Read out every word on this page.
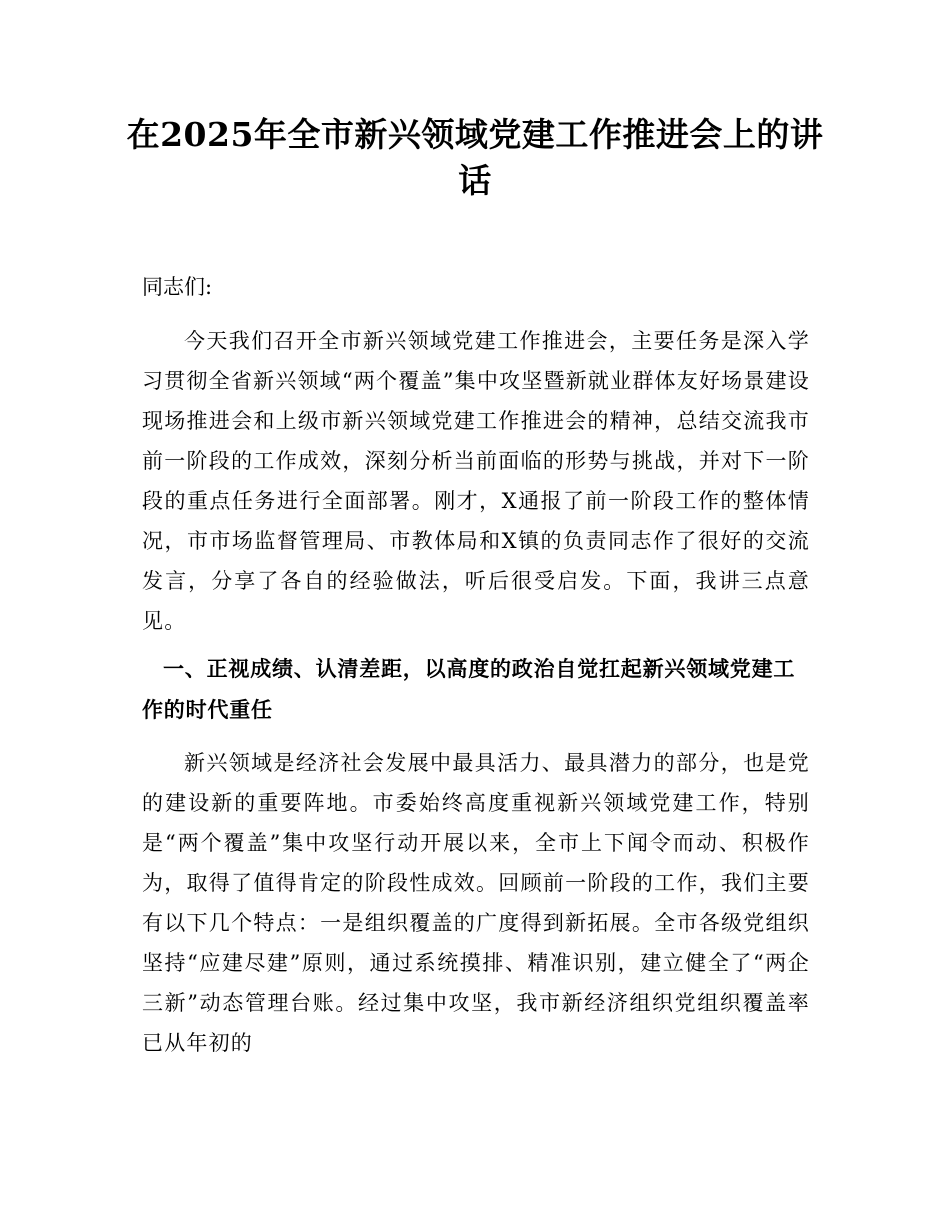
在2025年全市新兴领域党建工作推进会上的讲话

同志们:

今天我们召开全市新兴领域党建工作推进会，主要任务是深入学习贯彻全省新兴领域“两个覆盖”集中攻坚暨新就业群体友好场景建设现场推进会和上级市新兴领域党建工作推进会的精神，总结交流我市前一阶段的工作成效，深刻分析当前面临的形势与挑战，并对下一阶段的重点任务进行全面部署。刚才，X通报了前一阶段工作的整体情况，市市场监督管理局、市教体局和X镇的负责同志作了很好的交流发言，分享了各自的经验做法，听后很受启发。下面，我讲三点意见。

一、正视成绩、认清差距，以高度的政治自觉扛起新兴领域党建工作的时代重任

新兴领域是经济社会发展中最具活力、最具潜力的部分，也是党的建设新的重要阵地。市委始终高度重视新兴领域党建工作，特别是“两个覆盖”集中攻坚行动开展以来，全市上下闻令而动、积极作为，取得了值得肯定的阶段性成效。回顾前一阶段的工作，我们主要有以下几个特点：一是组织覆盖的广度得到新拓展。全市各级党组织坚持“应建尽建”原则，通过系统摸排、精准识别，建立健全了“两企三新”动态管理台账。经过集中攻坚，我市新经济组织党组织覆盖率已从年初的
